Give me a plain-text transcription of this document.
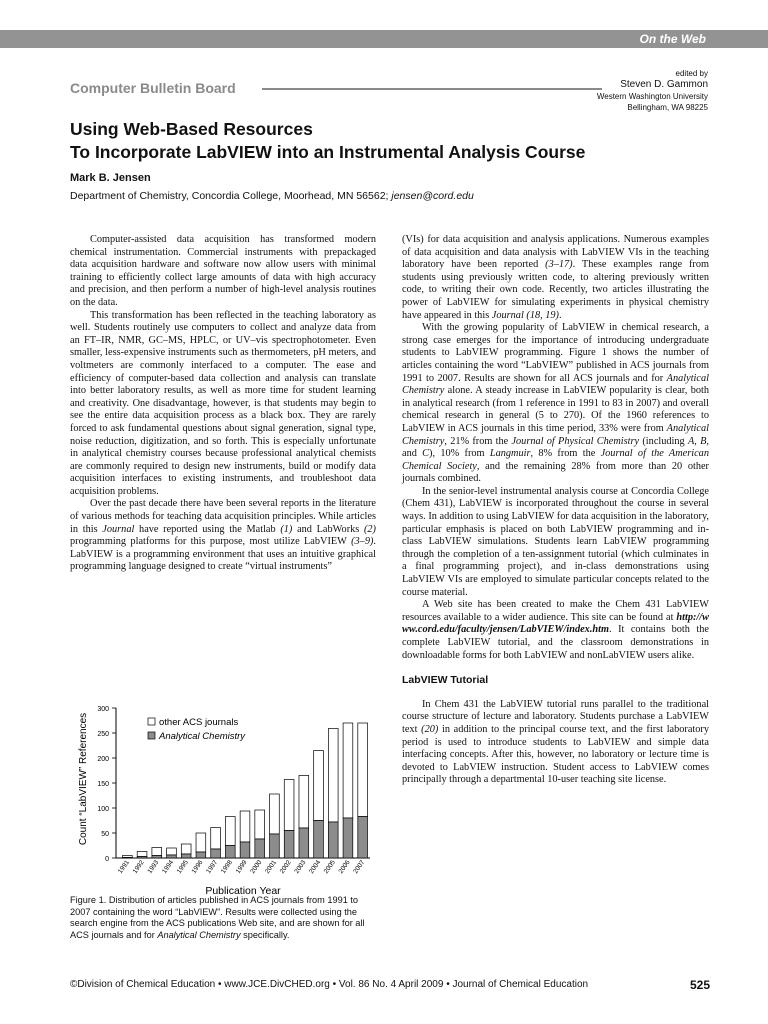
On the Web
Computer Bulletin Board
edited by
Steven D. Gammon
Western Washington University
Bellingham, WA 98225
Using Web-Based Resources
To Incorporate LabVIEW into an Instrumental Analysis Course
Mark B. Jensen
Department of Chemistry, Concordia College, Moorhead, MN 56562; jensen@cord.edu

Computer-assisted data acquisition has transformed modern chemical instrumentation. Commercial instruments with prepackaged data acquisition hardware and software now allow users with minimal training to efficiently collect large amounts of data with high accuracy and precision, and then perform a number of high-level analysis routines on the data.

This transformation has been reflected in the teaching laboratory as well. Students routinely use computers to collect and analyze data from an FT–IR, NMR, GC–MS, HPLC, or UV–vis spectrophotometer. Even smaller, less-expensive instruments such as thermometers, pH meters, and voltmeters are commonly interfaced to a computer. The ease and efficiency of computer-based data collection and analysis can translate into better laboratory results, as well as more time for student learning and creativity. One disadvantage, however, is that students may begin to see the entire data acquisition process as a black box. They are rarely forced to ask fundamental questions about signal generation, signal type, noise reduction, digitization, and so forth. This is especially unfortunate in analytical chemistry courses because professional analytical chemists are commonly required to design new instruments, build or modify data acquisition interfaces to existing instruments, and troubleshoot data acquisition problems.

Over the past decade there have been several reports in the literature of various methods for teaching data acquisition principles. While articles in this Journal have reported using the Matlab (1) and LabWorks (2) programming platforms for this purpose, most utilize LabVIEW (3–9). LabVIEW is a programming environment that uses an intuitive graphical programming language designed to create “virtual instruments”

(VIs) for data acquisition and analysis applications. Numerous examples of data acquisition and data analysis with LabVIEW VIs in the teaching laboratory have been reported (3–17). These examples range from students using previously written code, to altering previously written code, to writing their own code. Recently, two articles illustrating the power of LabVIEW for simulating experiments in physical chemistry have appeared in this Journal (18, 19).

With the growing popularity of LabVIEW in chemical research, a strong case emerges for the importance of introducing undergraduate students to LabVIEW programming. Figure 1 shows the number of articles containing the word “LabVIEW” published in ACS journals from 1991 to 2007. Results are shown for all ACS journals and for Analytical Chemistry alone. A steady increase in LabVIEW popularity is clear, both in analytical research (from 1 reference in 1991 to 83 in 2007) and overall chemical research in general (5 to 270). Of the 1960 references to LabVIEW in ACS journals in this time period, 33% were from Analytical Chemistry, 21% from the Journal of Physical Chemistry (including A, B, and C), 10% from Langmuir, 8% from the Journal of the American Chemical Society, and the remaining 28% from more than 20 other journals combined.

In the senior-level instrumental analysis course at Concordia College (Chem 431), LabVIEW is incorporated throughout the course in several ways. In addition to using LabVIEW for data acquisition in the laboratory, particular emphasis is placed on both LabVIEW programming and in-class LabVIEW simulations. Students learn LabVIEW programming through the completion of a ten-assignment tutorial (which culminates in a final programming project), and in-class demonstrations using LabVIEW VIs are employed to simulate particular concepts related to the course material.

A Web site has been created to make the Chem 431 LabVIEW resources available to a wider audience. This site can be found at http://www.cord.edu/faculty/jensen/LabVIEW/index.htm. It contains both the complete LabVIEW tutorial, and the classroom demonstrations in downloadable forms for both LabVIEW and nonLabVIEW users alike.

LabVIEW Tutorial

In Chem 431 the LabVIEW tutorial runs parallel to the traditional course structure of lecture and laboratory. Students purchase a LabVIEW text (20) in addition to the principal course text, and the first laboratory period is used to introduce students to LabVIEW and simple data interfacing concepts. After this, however, no laboratory or lecture time is devoted to LabVIEW instruction. Student access to LabVIEW comes principally through a departmental 10-user teaching site license.

0
50
100
150
200
250
300
1991 1992 1993 1994 1995 1996 1997 1998 1999 2000 2001 2002 2003 2004 2005 2006 2007
Publication Year
Count “LabVIEW” References	other ACS journals
Analytical Chemistry
Figure 1. Distribution of articles published in ACS journals from 1991 to 2007 containing the word “LabVIEW”. Results were collected using the search engine from the ACS publications Web site, and are shown for all ACS journals and for Analytical Chemistry specifically.
©Division of Chemical Education • www.JCE.DivCHED.org • Vol. 86 No. 4 April 2009 • Journal of Chemical Education	525
